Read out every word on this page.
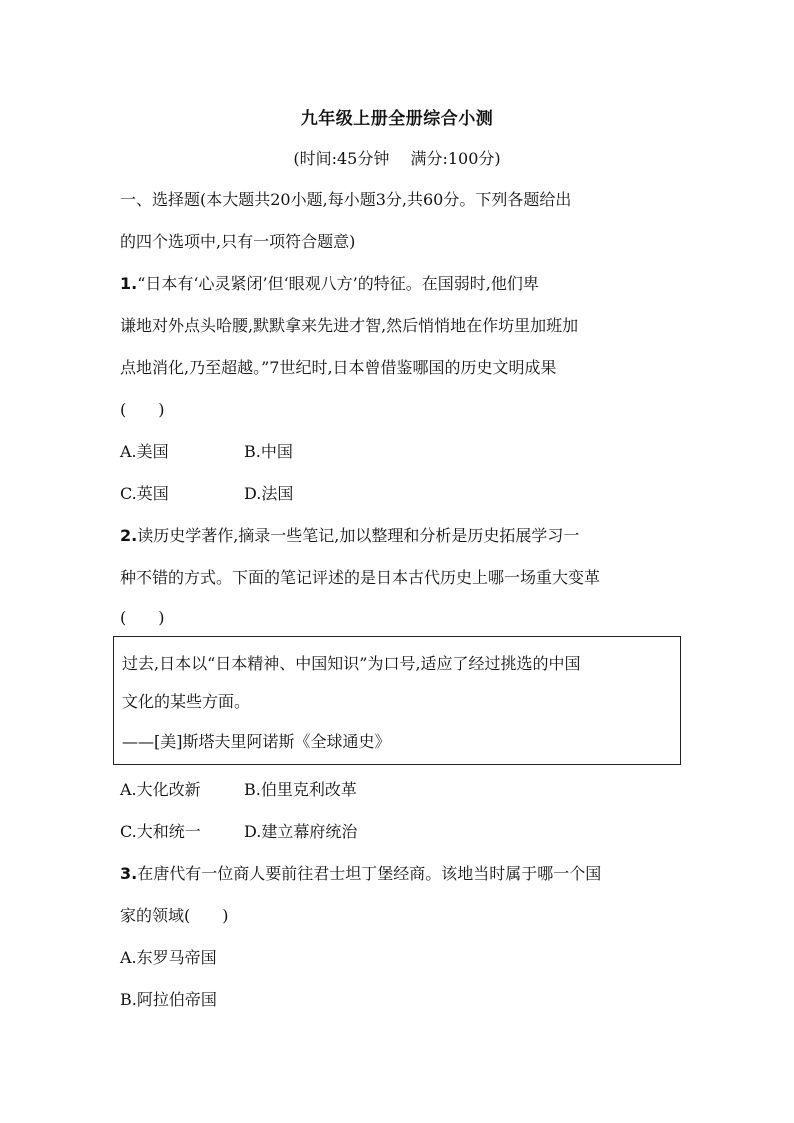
九年级上册全册综合小测
(时间:45分钟　 满分:100分)
一、选择题(本大题共20小题,每小题3分,共60分。下列各题给出
的四个选项中,只有一项符合题意)
1.“日本有‘心灵紧闭’但‘眼观八方’的特征。在国弱时,他们卑
谦地对外点头哈腰,默默拿来先进才智,然后悄悄地在作坊里加班加
点地消化,乃至超越。”7世纪时,日本曾借鉴哪国的历史文明成果
(　　)
A.美国	B.中国
C.英国	D.法国
2.读历史学著作,摘录一些笔记,加以整理和分析是历史拓展学习一
种不错的方式。下面的笔记评述的是日本古代历史上哪一场重大变革
(　　)
过去,日本以“日本精神、中国知识”为口号,适应了经过挑选的中国
文化的某些方面。
——[美]斯塔夫里阿诺斯《全球通史》
A.大化改新	B.伯里克利改革
C.大和统一	D.建立幕府统治
3.在唐代有一位商人要前往君士坦丁堡经商。该地当时属于哪一个国
家的领域(　　)
A.东罗马帝国
B.阿拉伯帝国
